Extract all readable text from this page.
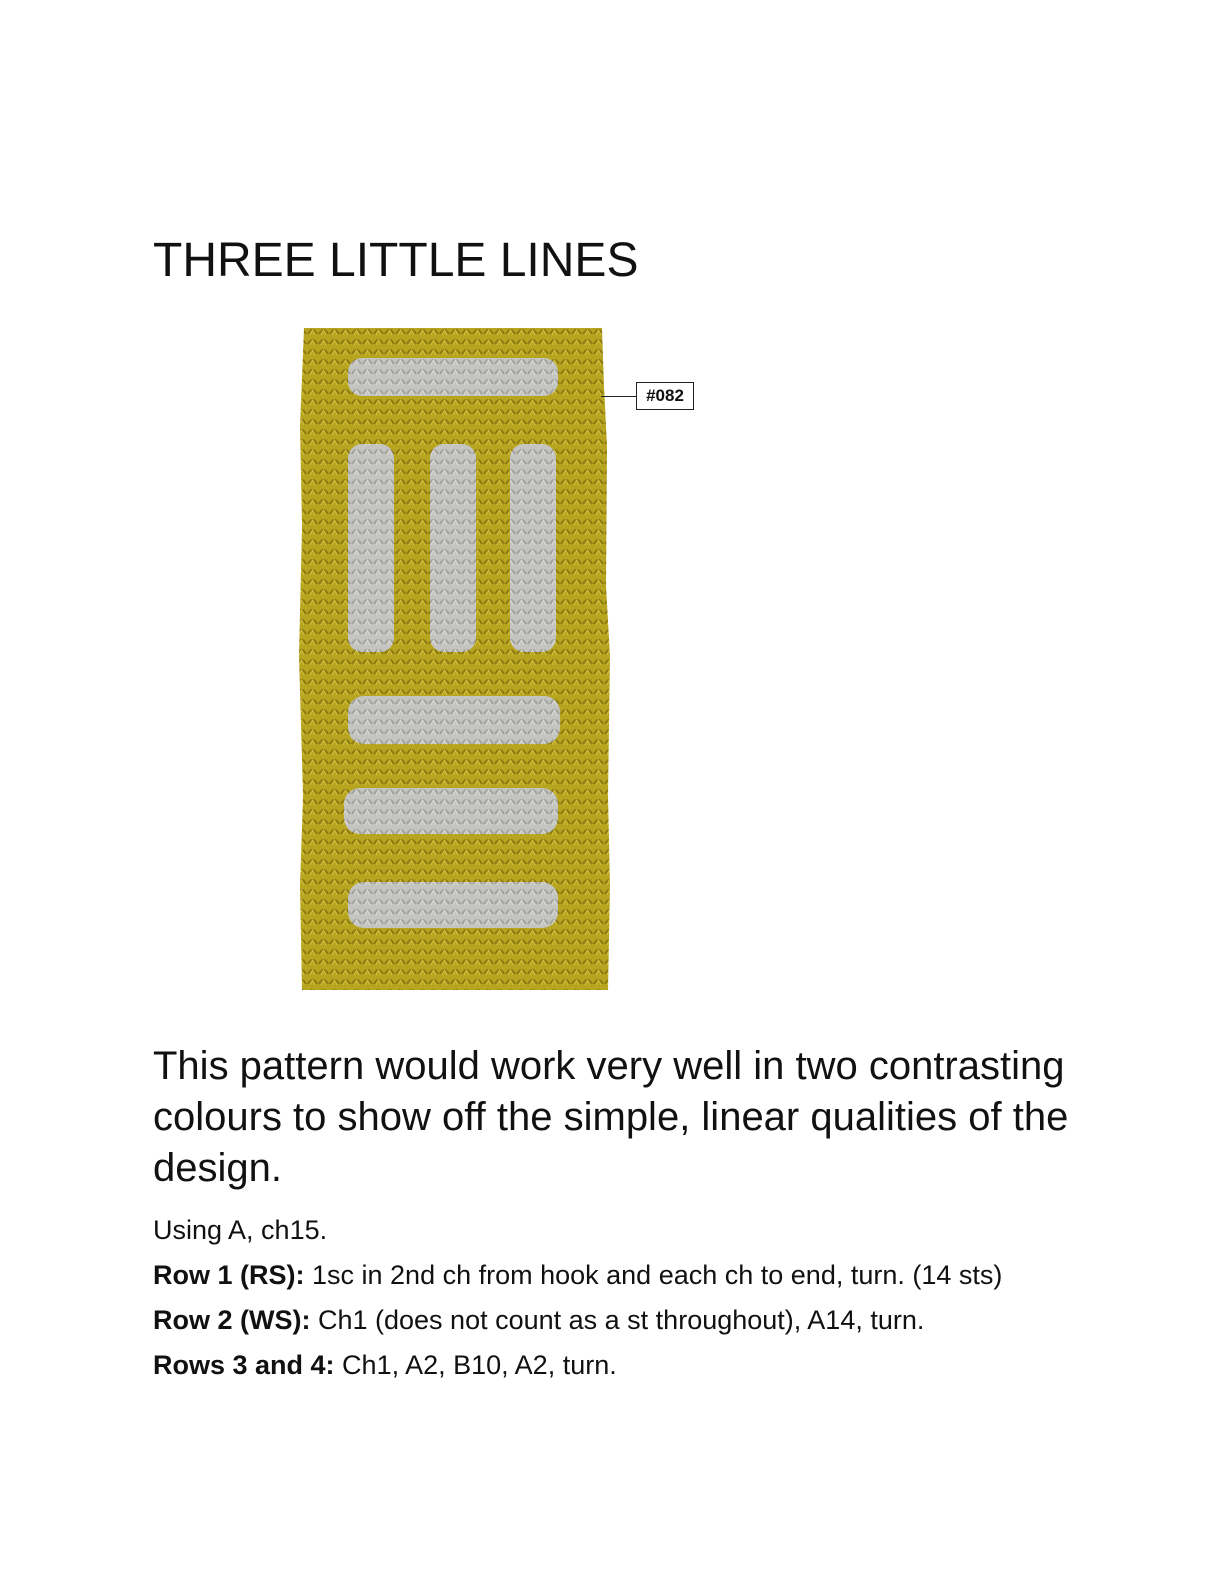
THREE LITTLE LINES
#082

This pattern would work very well in two contrasting colours to show off the simple, linear qualities of the design.

Using A, ch15.

Row 1 (RS): 1sc in 2nd ch from hook and each ch to end, turn. (14 sts)

Row 2 (WS): Ch1 (does not count as a st throughout), A14, turn.

Rows 3 and 4: Ch1, A2, B10, A2, turn.
